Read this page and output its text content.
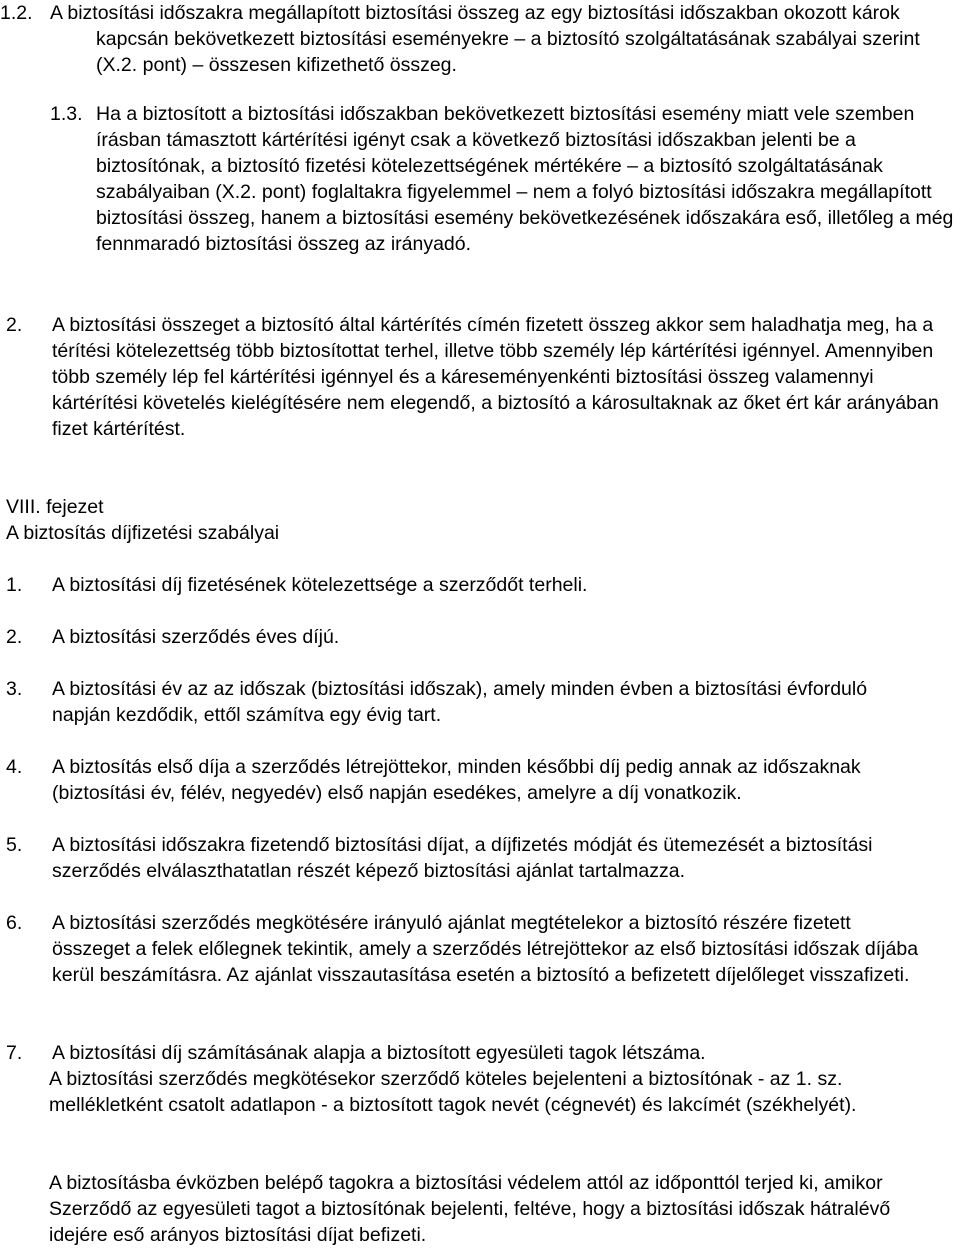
1.2. A biztosítási időszakra megállapított biztosítási összeg az egy biztosítási időszakban okozott károk kapcsán bekövetkezett biztosítási eseményekre – a biztosító szolgáltatásának szabályai szerint (X.2. pont) – összesen kifizethető összeg.
1.3. Ha a biztosított a biztosítási időszakban bekövetkezett biztosítási esemény miatt vele szemben írásban támasztott kártérítési igényt csak a következő biztosítási időszakban jelenti be a biztosítónak, a biztosító fizetési kötelezettségének mértékére – a biztosító szolgáltatásának szabályaiban (X.2. pont) foglaltakra figyelemmel – nem a folyó biztosítási időszakra megállapított biztosítási összeg, hanem a biztosítási esemény bekövetkezésének időszakára eső, illetőleg a még fennmaradó biztosítási összeg az irányadó.
2. A biztosítási összeget a biztosító által kártérítés címén fizetett összeg akkor sem haladhatja meg, ha a térítési kötelezettség több biztosítottat terhel, illetve több személy lép kártérítési igénnyel. Amennyiben több személy lép fel kártérítési igénnyel és a káreseményenkénti biztosítási összeg valamennyi kártérítési követelés kielégítésére nem elegendő, a biztosító a károsultaknak az őket ért kár arányában fizet kártérítést.
VIII. fejezet
A biztosítás díjfizetési szabályai
1. A biztosítási díj fizetésének kötelezettsége a szerződőt terheli.
2. A biztosítási szerződés éves díjú.
3. A biztosítási év az az időszak (biztosítási időszak), amely minden évben a biztosítási évforduló napján kezdődik, ettől számítva egy évig tart.
4. A biztosítás első díja a szerződés létrejöttekor, minden későbbi díj pedig annak az időszaknak (biztosítási év, félév, negyedév) első napján esedékes, amelyre a díj vonatkozik.
5. A biztosítási időszakra fizetendő biztosítási díjat, a díjfizetés módját és ütemezését a biztosítási szerződés elválaszthatatlan részét képező biztosítási ajánlat tartalmazza.
6. A biztosítási szerződés megkötésére irányuló ajánlat megtételekor a biztosító részére fizetett összeget a felek előlegnek tekintik, amely a szerződés létrejöttekor az első biztosítási időszak díjába kerül beszámításra. Az ajánlat visszautasítása esetén a biztosító a befizetett díjelőleget visszafizeti.
7. A biztosítási díj számításának alapja a biztosított egyesületi tagok létszáma.
A biztosítási szerződés megkötésekor szerződő köteles bejelenteni a biztosítónak - az 1. sz. mellékletként csatolt adatlapon - a biztosított tagok nevét (cégnevét) és lakcímét (székhelyét).
A biztosításba évközben belépő tagokra a biztosítási védelem attól az időponttól terjed ki, amikor Szerződő az egyesületi tagot a biztosítónak bejelenti, feltéve, hogy a biztosítási időszak hátralévő idejére eső arányos biztosítási díjat befizeti.
